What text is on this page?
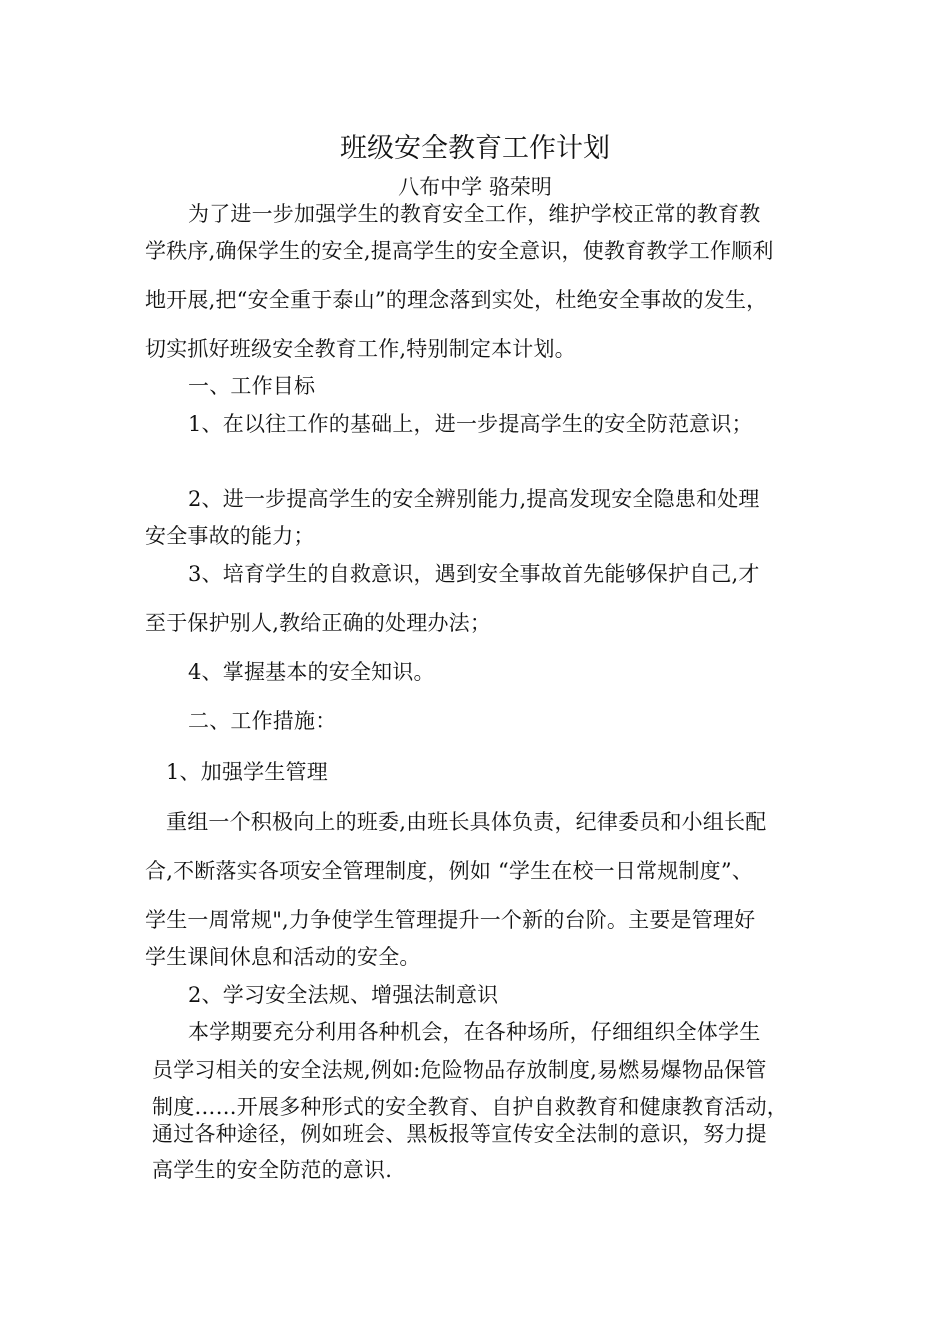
班级安全教育工作计划
八布中学 骆荣明
为了进一步加强学生的教育安全工作，维护学校正常的教育教
学秩序,确保学生的安全,提高学生的安全意识，使教育教学工作顺利
地开展,把“安全重于泰山”的理念落到实处，杜绝安全事故的发生，
切实抓好班级安全教育工作,特别制定本计划。
一、工作目标
1、在以往工作的基础上，进一步提高学生的安全防范意识；
2、进一步提高学生的安全辨别能力,提高发现安全隐患和处理
安全事故的能力；
3、培育学生的自救意识，遇到安全事故首先能够保护自己,才
至于保护别人,教给正确的处理办法；
4、掌握基本的安全知识。
二、工作措施：
1、加强学生管理
重组一个积极向上的班委,由班长具体负责，纪律委员和小组长配
合,不断落实各项安全管理制度，例如 “学生在校一日常规制度”、
学生一周常规",力争使学生管理提升一个新的台阶。主要是管理好
学生课间休息和活动的安全。
2、学习安全法规、增强法制意识
本学期要充分利用各种机会，在各种场所，仔细组织全体学生
员学习相关的安全法规,例如:危险物品存放制度,易燃易爆物品保管
制度……开展多种形式的安全教育、自护自救教育和健康教育活动，
通过各种途径，例如班会、黑板报等宣传安全法制的意识，努力提
高学生的安全防范的意识.
